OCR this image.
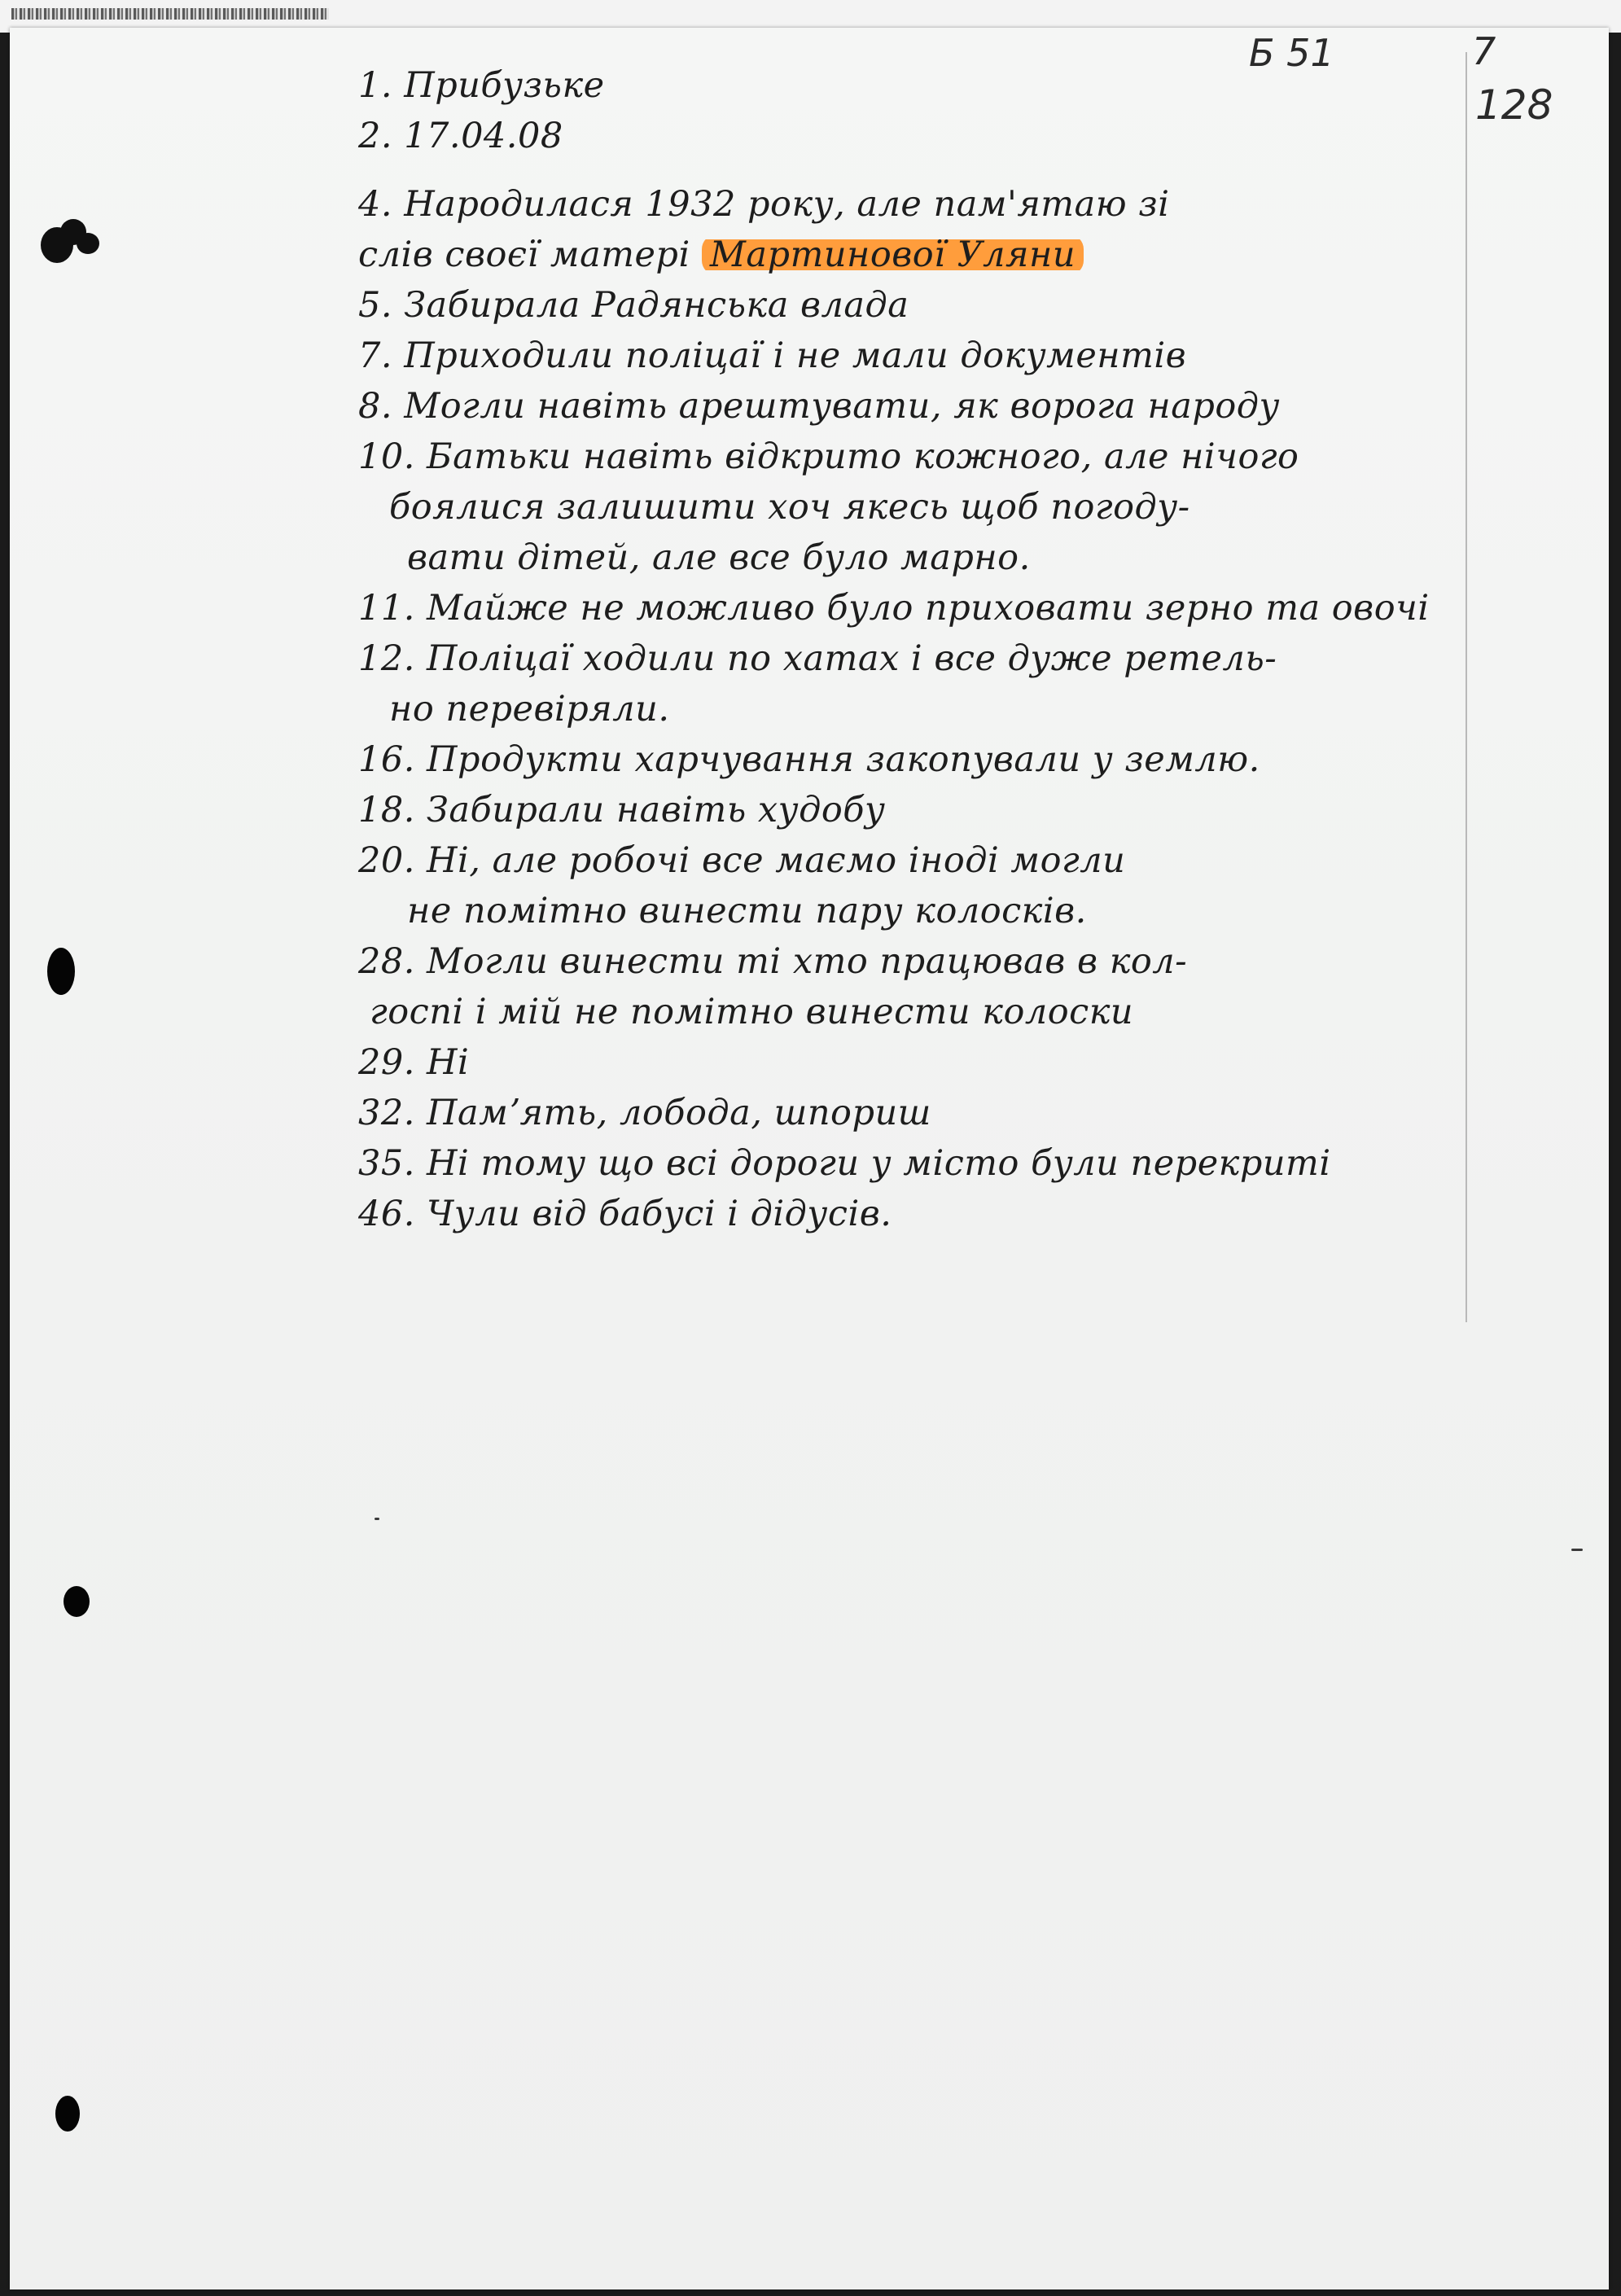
Б 51	7
128
1. Прибузьке
2. 17.04.08
4. Народилася 1932 року, але пам'ятаю зі
слів своєї матері Мартинової Уляни
5. Забирала Радянська влада
7. Приходили поліцаї і не мали документів
8. Могли навіть арештувати, як ворога народу
10. Батьки навіть відкрито кожного, але нічого
боялися залишити хоч якесь щоб погоду-
вати дітей, але все було марно.
11. Майже не можливо було приховати зерно та овочі
12. Поліцаї ходили по хатах і все дуже ретель-
но перевіряли.
16. Продукти харчування закопували у землю.
18. Забирали навіть худобу
20. Ні, але робочі все маємо іноді могли
не помітно винести пару колосків.
28. Могли винести ті хто працював в кол-
госпі і мій не помітно винести колоски
29. Ні
32. Памʼять, лобода, шпориш
35. Ні тому що всі дороги у місто були перекриті
46. Чули від бабусі і дідусів.
